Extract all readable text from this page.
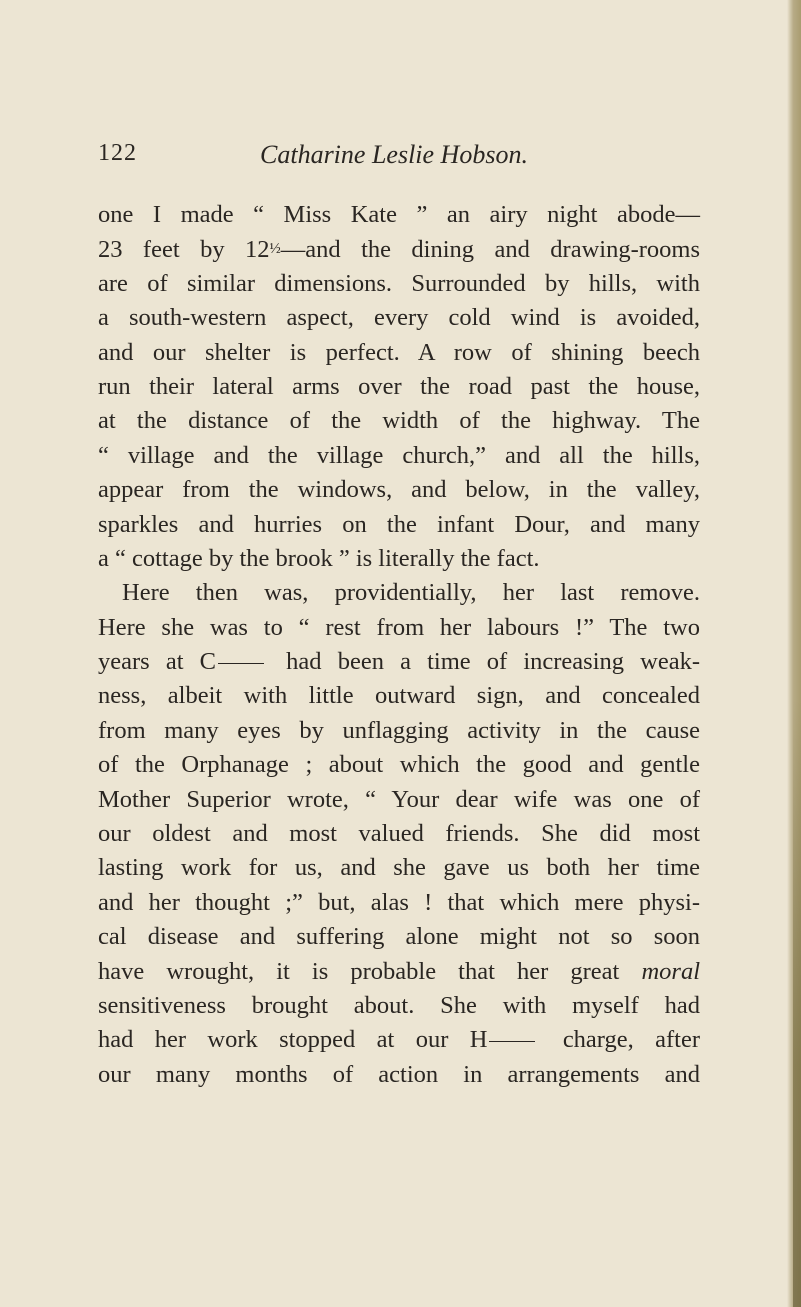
122	Catharine Leslie Hobson.
one I made “ Miss Kate ” an airy night abode—
23 feet by 12½—and the dining and drawing-rooms
are of similar dimensions. Surrounded by hills, with
a south-western aspect, every cold wind is avoided,
and our shelter is perfect. A row of shining beech
run their lateral arms over the road past the house,
at the distance of the width of the highway. The
“ village and the village church,” and all the hills,
appear from the windows, and below, in the valley,
sparkles and hurries on the infant Dour, and many
a “ cottage by the brook ” is literally the fact.
Here then was, providentially, her last remove.
Here she was to “ rest from her labours !” The two
years at C	had been a time of increasing weak-
ness, albeit with little outward sign, and concealed
from many eyes by unflagging activity in the cause
of the Orphanage ; about which the good and gentle
Mother Superior wrote, “ Your dear wife was one of
our oldest and most valued friends. She did most
lasting work for us, and she gave us both her time
and her thought ;” but, alas ! that which mere physi-
cal disease and suffering alone might not so soon
have wrought, it is probable that her great moral
sensitiveness brought about. She with myself had
had her work stopped at our H	charge, after
our many months of action in arrangements and
